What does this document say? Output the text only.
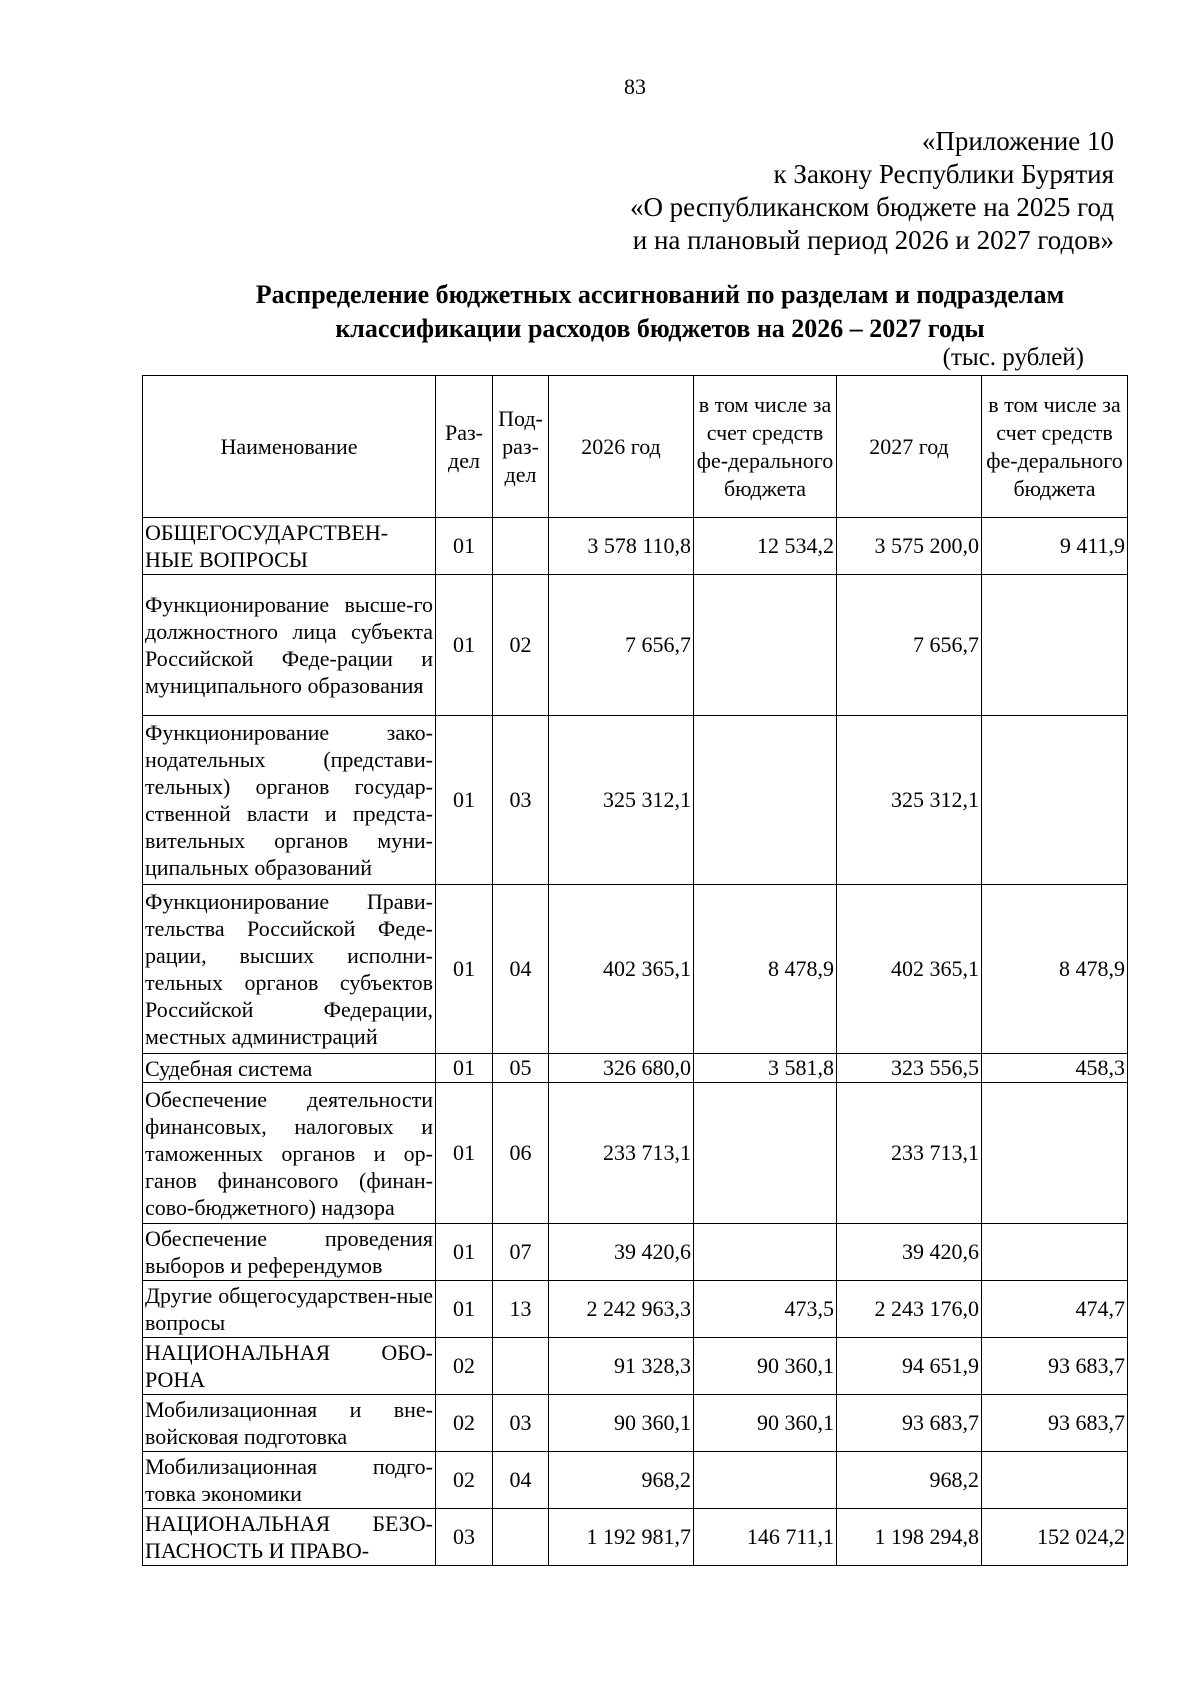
83
«Приложение 10
к Закону Республики Бурятия
«О республиканском бюджете на 2025 год
и на плановый период 2026 и 2027 годов»
Распределение бюджетных ассигнований по разделам и подразделам
классификации расходов бюджетов на 2026 – 2027 годы
(тыс. рублей)
Наименование	Раз-дел	Под-раз-дел	2026 год	в том числе за счет средств фе-дерального бюджета	2027 год	в том числе за счет средств фе-дерального бюджета
ОБЩЕГОСУДАРСТВЕН-НЫЕ ВОПРОСЫ	01		3 578 110,8	12 534,2	3 575 200,0	9 411,9
Функционирование высше-го должностного лица субъекта Российской Феде-рации и муниципального образования	01	02	7 656,7		7 656,7	
Функционирование зако-нодательных (представи-тельных) органов государ-ственной власти и предста-вительных органов муни-ципальных образований	01	03	325 312,1		325 312,1	
Функционирование Прави-тельства Российской Феде-рации, высших исполни-тельных органов субъектов Российской Федерации, местных администраций	01	04	402 365,1	8 478,9	402 365,1	8 478,9
Судебная система	01	05	326 680,0	3 581,8	323 556,5	458,3
Обеспечение деятельности финансовых, налоговых и таможенных органов и ор-ганов финансового (финан-сово-бюджетного) надзора	01	06	233 713,1		233 713,1	
Обеспечение проведения выборов и референдумов	01	07	39 420,6		39 420,6	
Другие общегосударствен-ные вопросы	01	13	2 242 963,3	473,5	2 243 176,0	474,7
НАЦИОНАЛЬНАЯ ОБО-РОНА	02		91 328,3	90 360,1	94 651,9	93 683,7
Мобилизационная и вне-войсковая подготовка	02	03	90 360,1	90 360,1	93 683,7	93 683,7
Мобилизационная подго-товка экономики	02	04	968,2		968,2	
НАЦИОНАЛЬНАЯ БЕЗО-ПАСНОСТЬ И ПРАВО-	03		1 192 981,7	146 711,1	1 198 294,8	152 024,2
